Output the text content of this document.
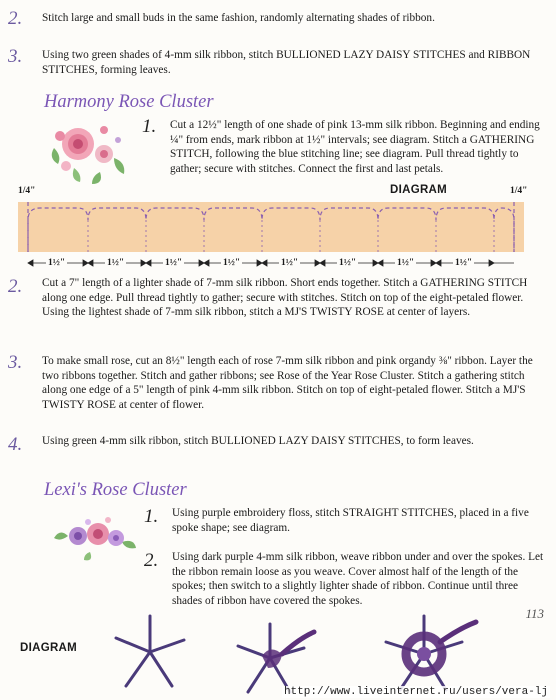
2. Stitch large and small buds in the same fashion, randomly alternating shades of ribbon.
3. Using two green shades of 4-mm silk ribbon, stitch BULLIONED LAZY DAISY STITCHES and RIBBON STITCHES, forming leaves.
Harmony Rose Cluster
1. Cut a 12½" length of one shade of pink 13-mm silk ribbon. Beginning and ending ¼" from ends, mark ribbon at 1½" intervals; see diagram. Stitch a GATHERING STITCH, following the blue stitching line; see diagram. Pull thread tightly to gather; secure with stitches. Connect the first and last petals.
DIAGRAM
1/4"	1/4"
1½"	1½"	1½"	1½"	1½"	1½"	1½"	1½"
2. Cut a 7" length of a lighter shade of 7-mm silk ribbon. Short ends together. Stitch a GATHERING STITCH along one edge. Pull thread tightly to gather; secure with stitches. Stitch on top of the eight-petaled flower. Using the lightest shade of 7-mm silk ribbon, stitch a MJ'S TWISTY ROSE at center of layers.
3. To make small rose, cut an 8½" length each of rose 7-mm silk ribbon and pink organdy ⅜" ribbon. Layer the two ribbons together. Stitch and gather ribbons; see Rose of the Year Rose Cluster. Stitch a gathering stitch along one edge of a 5" length of pink 4-mm silk ribbon. Stitch on top of eight-petaled flower. Stitch a MJ'S TWISTY ROSE at center of flower.
4. Using green 4-mm silk ribbon, stitch BULLIONED LAZY DAISY STITCHES, to form leaves.
Lexi's Rose Cluster
1. Using purple embroidery floss, stitch STRAIGHT STITCHES, placed in a five spoke shape; see diagram.
2. Using dark purple 4-mm silk ribbon, weave ribbon under and over the spokes. Let the ribbon remain loose as you weave. Cover almost half of the length of the spokes; then switch to a slightly lighter shade of ribbon. Continue until three shades of ribbon have covered the spokes.
DIAGRAM
113
http://www.liveinternet.ru/users/vera-lj
